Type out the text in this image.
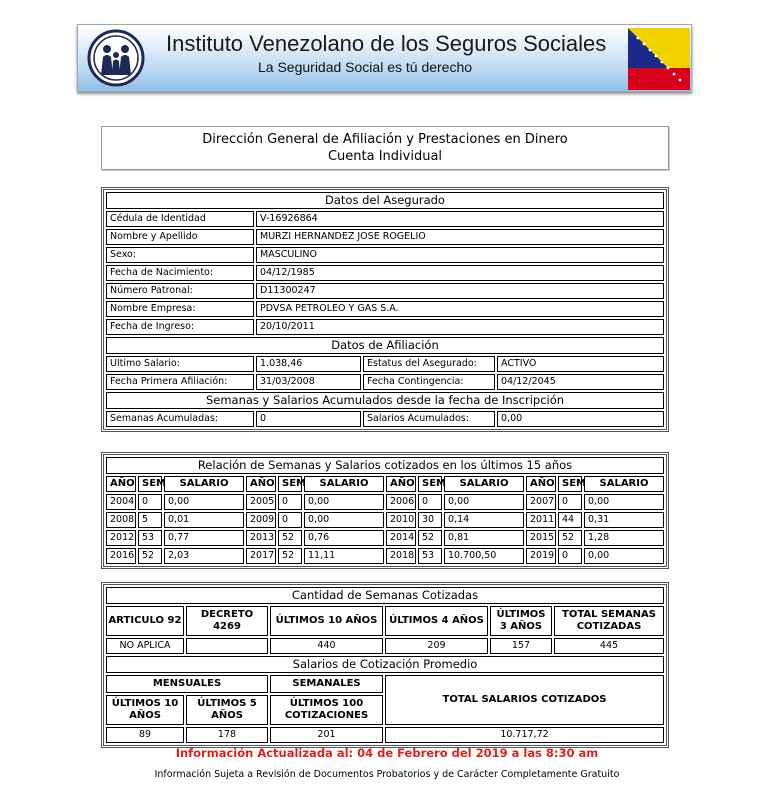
Instituto Venezolano de los Seguros Sociales
La Seguridad Social es tú derecho
Dirección General de Afiliación y Prestaciones en Dinero
Cuenta Individual
Datos del Asegurado			
Cédula de Identidad	V-16926864		
Nombre y Apellido	MURZI HERNANDEZ JOSE ROGELIO		
Sexo:	MASCULINO		
Fecha de Nacimiento:	04/12/1985		
Número Patronal:	D11300247		
Nombre Empresa:	PDVSA PETROLEO Y GAS S.A.		
Fecha de Ingreso:	20/10/2011		
Datos de Afiliación			
Ultimo Salario:	1.038,46	Estatus del Asegurado:	ACTIVO
Fecha Primera Afiliación:	31/03/2008	Fecha Contingencia:	04/12/2045
Semanas y Salarios Acumulados desde la fecha de Inscripción			
Semanas Acumuladas:	0	Salarios Acumulados:	0,00
Relación de Semanas y Salarios cotizados en los últimos 15 años											
AÑO	SEM	SALARIO	AÑO	SEM	SALARIO	AÑO	SEM	SALARIO	AÑO	SEM	SALARIO
2004	0	0,00	2005	0	0,00	2006	0	0,00	2007	0	0,00
2008	5	0,01	2009	0	0,00	2010	30	0,14	2011	44	0,31
2012	53	0,77	2013	52	0,76	2014	52	0,81	2015	52	1,28
2016	52	2,03	2017	52	11,11	2018	53	10.700,50	2019	0	0,00
Cantidad de Semanas Cotizadas					
ARTICULO 92	DECRETO 4269	ÚLTIMOS 10 AÑOS	ÚLTIMOS 4 AÑOS	ÚLTIMOS 3 AÑOS	TOTAL SEMANAS COTIZADAS
NO APLICA		440	209	157	445
Salarios de Cotización Promedio			
MENSUALES		SEMANALES	TOTAL SALARIOS COTIZADOS
ÚLTIMOS 10 AÑOS	ÚLTIMOS 5 AÑOS	ÚLTIMOS 100 COTIZACIONES	
89	178	201	10.717,72
Información Actualizada al: 04 de Febrero del 2019 a las 8:30 am
Información Sujeta a Revisión de Documentos Probatorios y de Carácter Completamente Gratuito
